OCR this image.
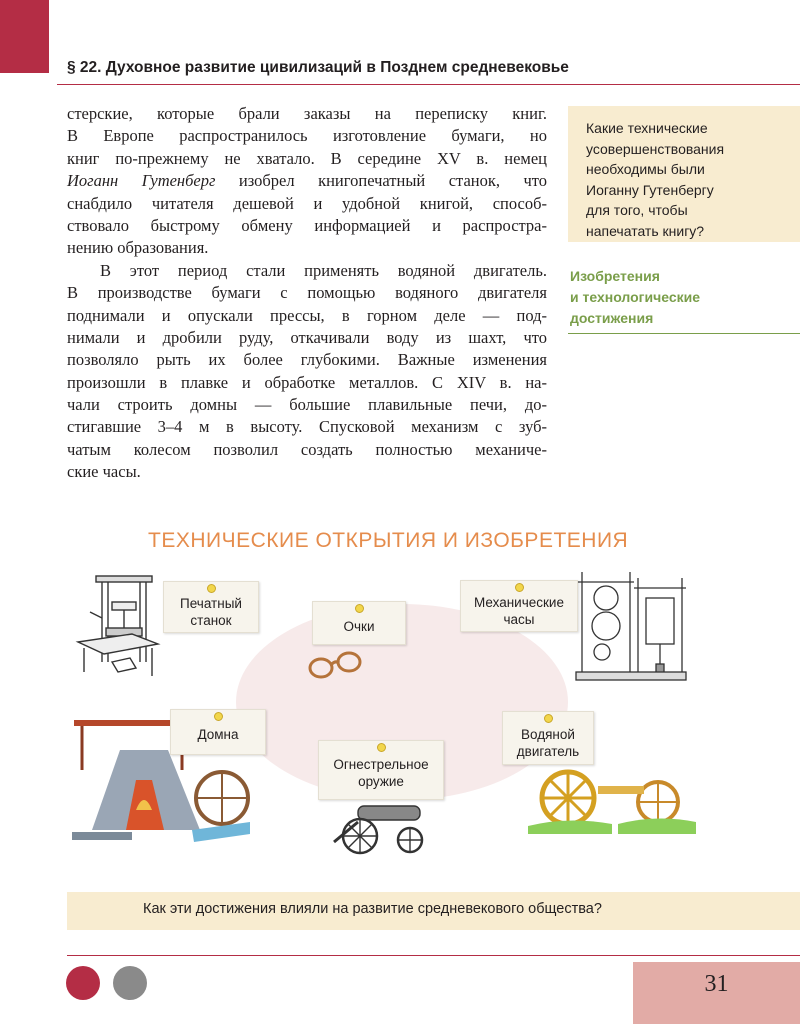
§ 22. Духовное развитие цивилизаций в Позднем средневековье
стерские, которые брали заказы на переписку книг.
В Европе распространилось изготовление бумаги, но
книг по-прежнему не хватало. В середине XV в. немец
Иоганн Гутенберг изобрел книгопечатный станок, что
снабдило читателя дешевой и удобной книгой, способ-
ствовало быстрому обмену информацией и распростра-
нению образования.
В этот период стали применять водяной двигатель.
В производстве бумаги с помощью водяного двигателя
поднимали и опускали прессы, в горном деле — под-
нимали и дробили руду, откачивали воду из шахт, что
позволяло рыть их более глубокими. Важные изменения
произошли в плавке и обработке металлов. С XIV в. на-
чали строить домны — большие плавильные печи, до-
стигавшие 3–4 м в высоту. Спусковой механизм с зуб-
чатым колесом позволил создать полностью механиче-
ские часы.
Какие технические
усовершенствования
необходимы были
Иоганну Гутенбергу
для того, чтобы
напечатать книгу?
Изобретения
и технологические
достижения
ТЕХНИЧЕСКИЕ ОТКРЫТИЯ И ИЗОБРЕТЕНИЯ
Печатный
станок	Очки
Механические
часы
Домна
Огнестрельное
оружие
Водяной
двигатель
Как эти достижения влияли на развитие средневекового общества?
31
